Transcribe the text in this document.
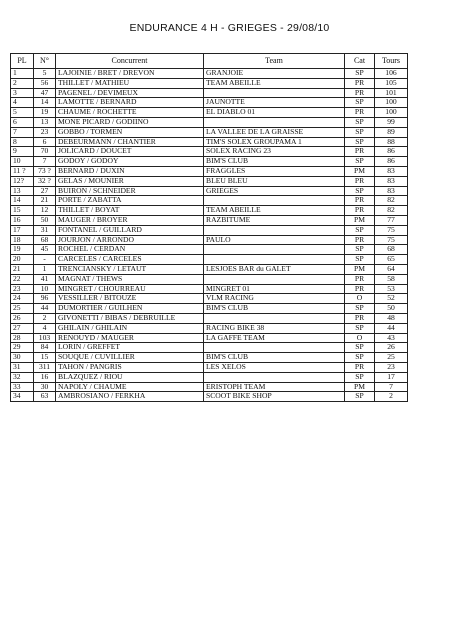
ENDURANCE 4 H - GRIEGES - 29/08/10
PL	N°	Concurrent	Team	Cat	Tours
1	5	LAJOINIE / BRET / DREVON	GRANJOIE	SP	106
2	56	THILLET / MATHIEU	TEAM ABEILLE	PR	105
3	47	PAGENEL / DEVIMEUX		PR	101
4	14	LAMOTTE / BERNARD	JAUNOTTE	SP	100
5	19	CHAUME / ROCHETTE	EL DIABLO 01	PR	100
6	13	MONE PICARD / GODIINO		SP	99
7	23	GOBBO / TORMEN	LA VALLEE DE LA GRAISSE	SP	89
8	6	DEBEURMANN / CHANTIER	TIM'S SOLEX GROUPAMA 1	SP	88
9	70	JOLICARD / DOUCET	SOLEX RACING 23	PR	86
10	7	GODOY / GODOY	BIM'S CLUB	SP	86
11 ?	73 ?	BERNARD / DUXIN	FRAGGLES	PM	83
12?	32 ?	GELAS / MOUNIER	BLEU BLEU	PR	83
13	27	BUIRON / SCHNEIDER	GRIEGES	SP	83
14	21	PORTE / ZABATTA		PR	82
15	12	THILLET / BOYAT	TEAM ABEILLE	PR	82
16	50	MAUGER / BROYER	RAZBITUME	PM	77
17	31	FONTANEL / GUILLARD		SP	75
18	68	JOURJON / ARRONDO	PAULO	PR	75
19	45	ROCHEL / CERDAN		SP	68
20	-	CARCELES / CARCELES		SP	65
21	1	TRENCIANSKY / LETAUT	LESJOES BAR du GALET	PM	64
22	41	MAGNAT / THEWS		PR	58
23	10	MINGRET / CHOURREAU	MINGRET 01	PR	53
24	96	VESSILLER / BITOUZE	VLM RACING	O	52
25	44	DUMORTIER / GUILHEN	BIM'S CLUB	SP	50
26	2	GIVONETTI / BIBAS / DEBRUILLE		PR	48
27	4	GHILAIN / GHILAIN	RACING BIKE 38	SP	44
28	103	RENOUYD / MAUGER	LA GAFFE TEAM	O	43
29	84	LORIN / GREFFET		SP	26
30	15	SOUQUE / CUVILLIER	BIM'S CLUB	SP	25
31	311	TAHON / PANGRIS	LES XELOS	PR	23
32	16	BLAZQUEZ / RIOU		SP	17
33	30	NAPOLY / CHAUME	ERISTOPH TEAM	PM	7
34	63	AMBROSIANO / FERKHA	SCOOT BIKE SHOP	SP	2
